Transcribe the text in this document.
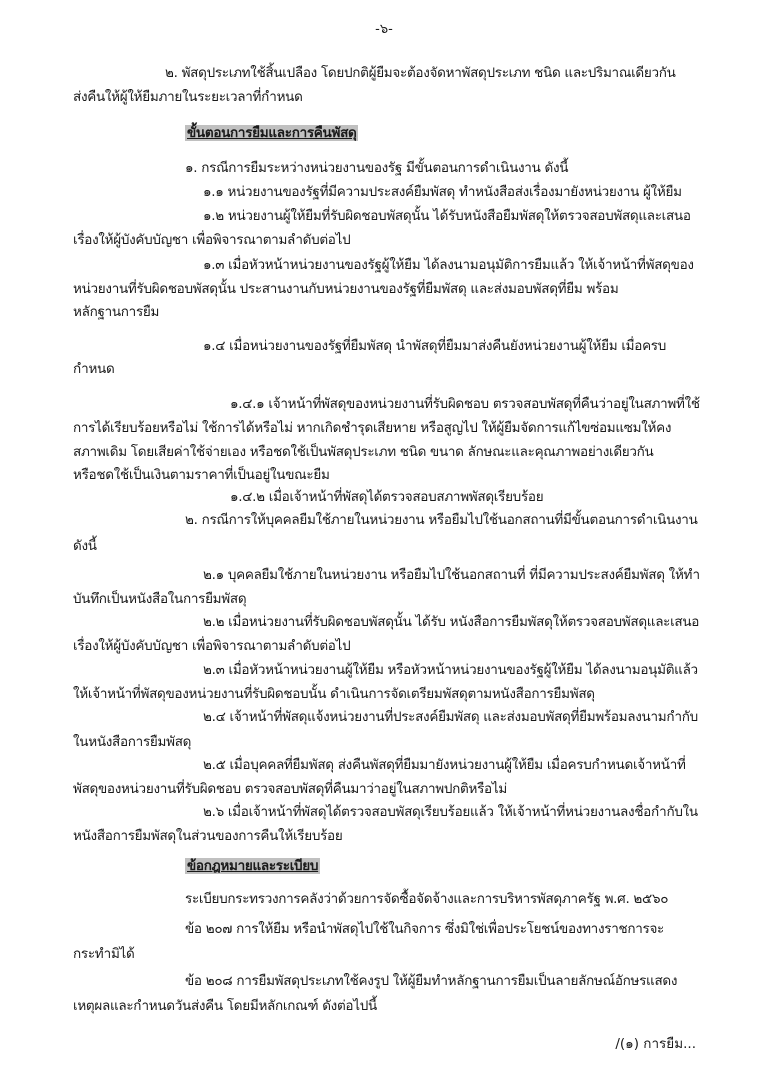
-๖-
๒. พัสดุประเภทใช้สิ้นเปลือง โดยปกติผู้ยืมจะต้องจัดหาพัสดุประเภท ชนิด และปริมาณเดียวกัน
ส่งคืนให้ผู้ให้ยืมภายในระยะเวลาที่กำหนด
ขั้นตอนการยืมและการคืนพัสดุ
๑. กรณีการยืมระหว่างหน่วยงานของรัฐ มีขั้นตอนการดำเนินงาน ดังนี้
๑.๑ หน่วยงานของรัฐที่มีความประสงค์ยืมพัสดุ ทำหนังสือส่งเรื่องมายังหน่วยงาน ผู้ให้ยืม
๑.๒ หน่วยงานผู้ให้ยืมที่รับผิดชอบพัสดุนั้น ได้รับหนังสือยืมพัสดุให้ตรวจสอบพัสดุและเสนอ
เรื่องให้ผู้บังคับบัญชา เพื่อพิจารณาตามลำดับต่อไป
๑.๓ เมื่อหัวหน้าหน่วยงานของรัฐผู้ให้ยืม ได้ลงนามอนุมัติการยืมแล้ว ให้เจ้าหน้าที่พัสดุของ
หน่วยงานที่รับผิดชอบพัสดุนั้น ประสานงานกับหน่วยงานของรัฐที่ยืมพัสดุ และส่งมอบพัสดุที่ยืม พร้อม
หลักฐานการยืม
๑.๔ เมื่อหน่วยงานของรัฐที่ยืมพัสดุ นำพัสดุที่ยืมมาส่งคืนยังหน่วยงานผู้ให้ยืม เมื่อครบ
กำหนด
๑.๔.๑ เจ้าหน้าที่พัสดุของหน่วยงานที่รับผิดชอบ ตรวจสอบพัสดุที่คืนว่าอยู่ในสภาพที่ใช้
การได้เรียบร้อยหรือไม่ ใช้การได้หรือไม่ หากเกิดชำรุดเสียหาย หรือสูญไป ให้ผู้ยืมจัดการแก้ไขซ่อมแซมให้คง
สภาพเดิม โดยเสียค่าใช้จ่ายเอง หรือชดใช้เป็นพัสดุประเภท ชนิด ขนาด ลักษณะและคุณภาพอย่างเดียวกัน
หรือชดใช้เป็นเงินตามราคาที่เป็นอยู่ในขณะยืม
๑.๔.๒ เมื่อเจ้าหน้าที่พัสดุได้ตรวจสอบสภาพพัสดุเรียบร้อย
๒. กรณีการให้บุคคลยืมใช้ภายในหน่วยงาน หรือยืมไปใช้นอกสถานที่มีขั้นตอนการดำเนินงาน
ดังนี้
๒.๑ บุคคลยืมใช้ภายในหน่วยงาน หรือยืมไปใช้นอกสถานที่ ที่มีความประสงค์ยืมพัสดุ ให้ทำ
บันทึกเป็นหนังสือในการยืมพัสดุ
๒.๒ เมื่อหน่วยงานที่รับผิดชอบพัสดุนั้น ได้รับ หนังสือการยืมพัสดุให้ตรวจสอบพัสดุและเสนอ
เรื่องให้ผู้บังคับบัญชา เพื่อพิจารณาตามลำดับต่อไป
๒.๓ เมื่อหัวหน้าหน่วยงานผู้ให้ยืม หรือหัวหน้าหน่วยงานของรัฐผู้ให้ยืม ได้ลงนามอนุมัติแล้ว
ให้เจ้าหน้าที่พัสดุของหน่วยงานที่รับผิดชอบนั้น ดำเนินการจัดเตรียมพัสดุตามหนังสือการยืมพัสดุ
๒.๔ เจ้าหน้าที่พัสดุแจ้งหน่วยงานที่ประสงค์ยืมพัสดุ และส่งมอบพัสดุที่ยืมพร้อมลงนามกำกับ
ในหนังสือการยืมพัสดุ
๒.๕ เมื่อบุคคลที่ยืมพัสดุ ส่งคืนพัสดุที่ยืมมายังหน่วยงานผู้ให้ยืม เมื่อครบกำหนดเจ้าหน้าที่
พัสดุของหน่วยงานที่รับผิดชอบ ตรวจสอบพัสดุที่คืนมาว่าอยู่ในสภาพปกติหรือไม่
๒.๖ เมื่อเจ้าหน้าที่พัสดุได้ตรวจสอบพัสดุเรียบร้อยแล้ว ให้เจ้าหน้าที่หน่วยงานลงชื่อกำกับใน
หนังสือการยืมพัสดุในส่วนของการคืนให้เรียบร้อย
ข้อกฎหมายและระเบียบ
ระเบียบกระทรวงการคลังว่าด้วยการจัดซื้อจัดจ้างและการบริหารพัสดุภาครัฐ พ.ศ. ๒๕๖๐
ข้อ ๒๐๗ การให้ยืม หรือนำพัสดุไปใช้ในกิจการ ซึ่งมิใช่เพื่อประโยชน์ของทางราชการจะ
กระทำมิได้
ข้อ ๒๐๘ การยืมพัสดุประเภทใช้คงรูป ให้ผู้ยืมทำหลักฐานการยืมเป็นลายลักษณ์อักษรแสดง
เหตุผลและกำหนดวันส่งคืน โดยมีหลักเกณฑ์ ดังต่อไปนี้
/(๑) การยืม...
